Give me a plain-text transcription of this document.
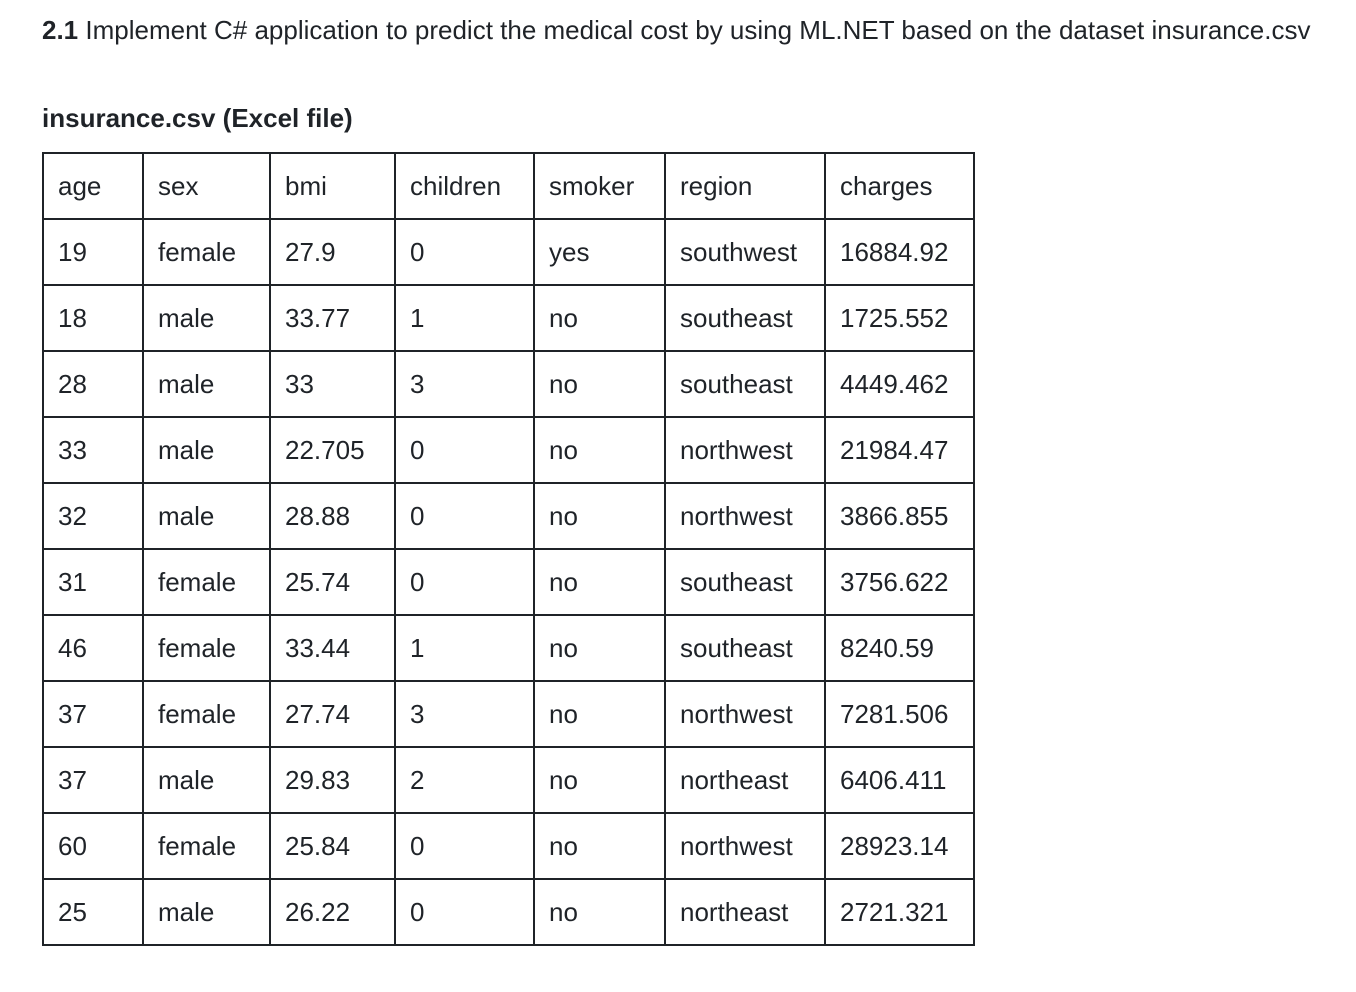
2.1 Implement C# application to predict the medical cost by using ML.NET based on the dataset insurance.csv

insurance.csv (Excel file)

age	sex	bmi	children	smoker	region	charges
19	female	27.9	0	yes	southwest	16884.92
18	male	33.77	1	no	southeast	1725.552
28	male	33	3	no	southeast	4449.462
33	male	22.705	0	no	northwest	21984.47
32	male	28.88	0	no	northwest	3866.855
31	female	25.74	0	no	southeast	3756.622
46	female	33.44	1	no	southeast	8240.59
37	female	27.74	3	no	northwest	7281.506
37	male	29.83	2	no	northeast	6406.411
60	female	25.84	0	no	northwest	28923.14
25	male	26.22	0	no	northeast	2721.321
